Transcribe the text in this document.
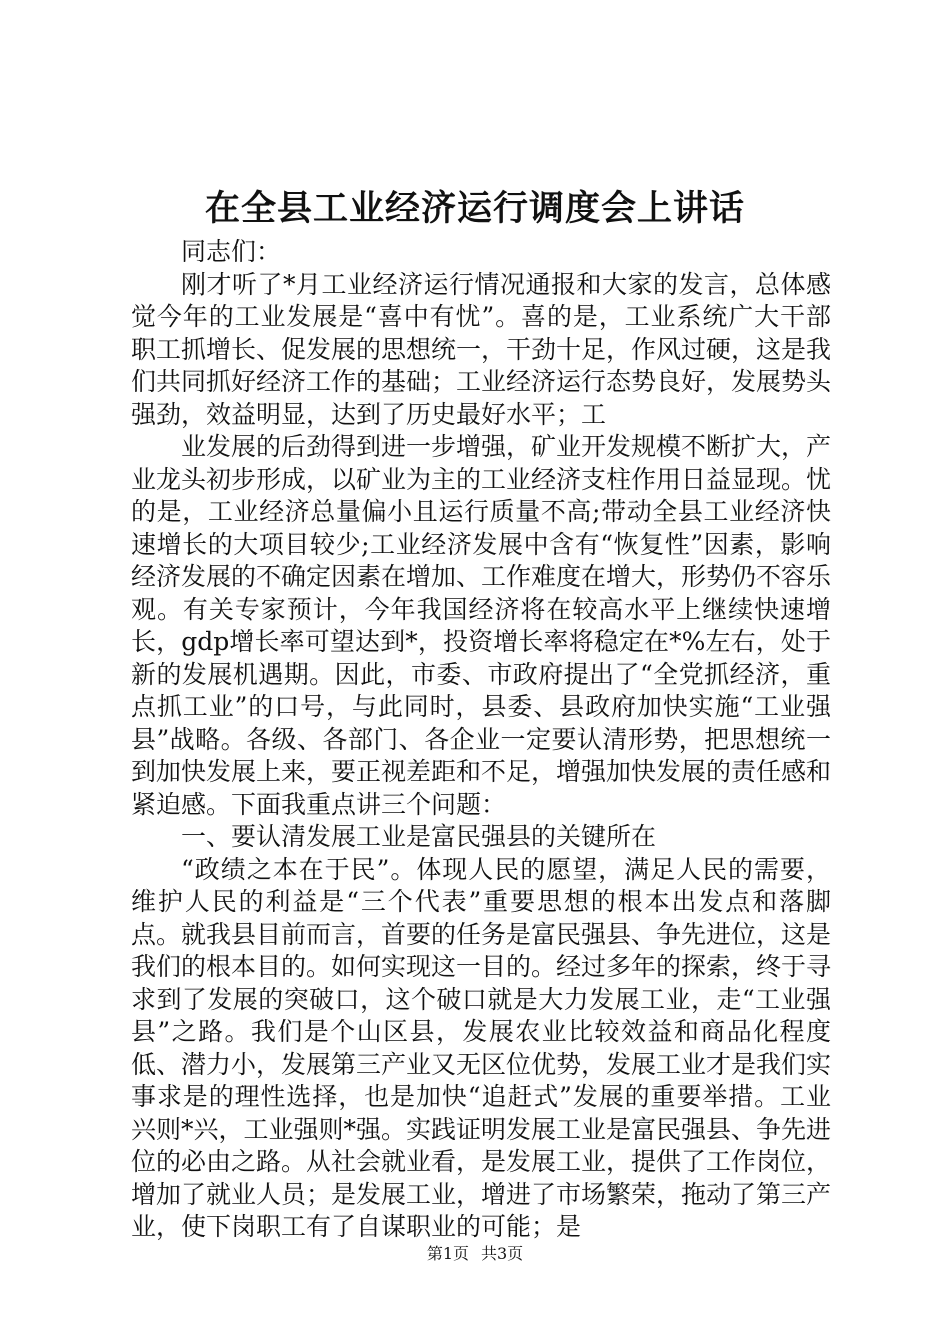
在全县工业经济运行调度会上讲话

同志们：

刚才听了*月工业经济运行情况通报和大家的发言，总体感觉今年的工业发展是“喜中有忧”。喜的是，工业系统广大干部职工抓增长、促发展的思想统一，干劲十足，作风过硬，这是我们共同抓好经济工作的基础；工业经济运行态势良好，发展势头强劲，效益明显，达到了历史最好水平；工

业发展的后劲得到进一步增强，矿业开发规模不断扩大，产业龙头初步形成，以矿业为主的工业经济支柱作用日益显现。忧的是，工业经济总量偏小且运行质量不高;带动全县工业经济快速增长的大项目较少;工业经济发展中含有“恢复性”因素，影响经济发展的不确定因素在增加、工作难度在增大，形势仍不容乐观。有关专家预计，今年我国经济将在较高水平上继续快速增长，gdp增长率可望达到*，投资增长率将稳定在*%左右，处于新的发展机遇期。因此，市委、市政府提出了“全党抓经济，重点抓工业”的口号，与此同时，县委、县政府加快实施“工业强县”战略。各级、各部门、各企业一定要认清形势，把思想统一到加快发展上来，要正视差距和不足，增强加快发展的责任感和紧迫感。下面我重点讲三个问题：

一、要认清发展工业是富民强县的关键所在

“政绩之本在于民”。体现人民的愿望，满足人民的需要，维护人民的利益是“三个代表”重要思想的根本出发点和落脚点。就我县目前而言，首要的任务是富民强县、争先进位，这是我们的根本目的。如何实现这一目的。经过多年的探索，终于寻求到了发展的突破口，这个破口就是大力发展工业，走“工业强县”之路。我们是个山区县，发展农业比较效益和商品化程度低、潜力小，发展第三产业又无区位优势，发展工业才是我们实事求是的理性选择，也是加快“追赶式”发展的重要举措。工业兴则*兴，工业强则*强。实践证明发展工业是富民强县、争先进位的必由之路。从社会就业看，是发展工业，提供了工作岗位，增加了就业人员；是发展工业，增进了市场繁荣，拖动了第三产业，使下岗职工有了自谋职业的可能；是

第1页 共3页
